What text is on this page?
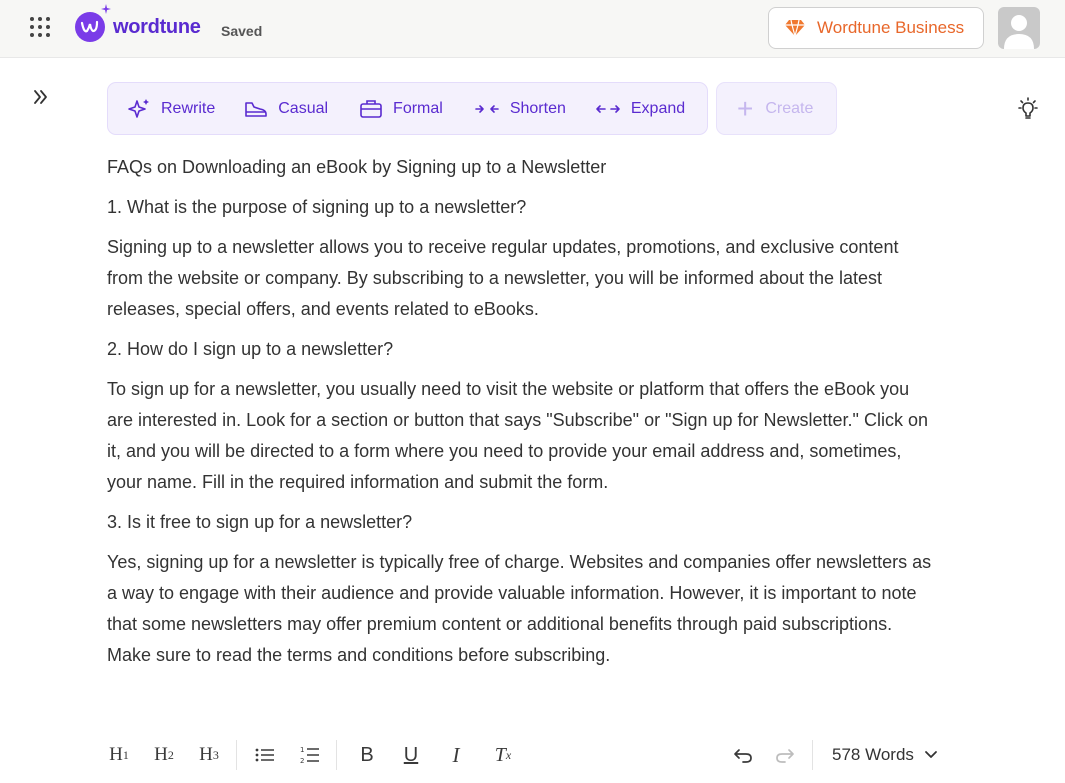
wordtune Saved	Wordtune Business
Rewrite	Casual	Formal	Shorten	Expand + Create

FAQs on Downloading an eBook by Signing up to a Newsletter

1. What is the purpose of signing up to a newsletter?

Signing up to a newsletter allows you to receive regular updates, promotions, and exclusive content from the website or company. By subscribing to a newsletter, you will be informed about the latest releases, special offers, and events related to eBooks.

2. How do I sign up to a newsletter?

To sign up for a newsletter, you usually need to visit the website or platform that offers the eBook you are interested in. Look for a section or button that says "Subscribe" or "Sign up for Newsletter." Click on it, and you will be directed to a form where you need to provide your email address and, sometimes, your name. Fill in the required information and submit the form.

3. Is it free to sign up for a newsletter?

Yes, signing up for a newsletter is typically free of charge. Websites and companies offer newsletters as a way to engage with their audience and provide valuable information. However, it is important to note that some newsletters may offer premium content or additional benefits through paid subscriptions. Make sure to read the terms and conditions before subscribing.

H 1 H 2 H 3	1
2	B U I T x	578 Words
